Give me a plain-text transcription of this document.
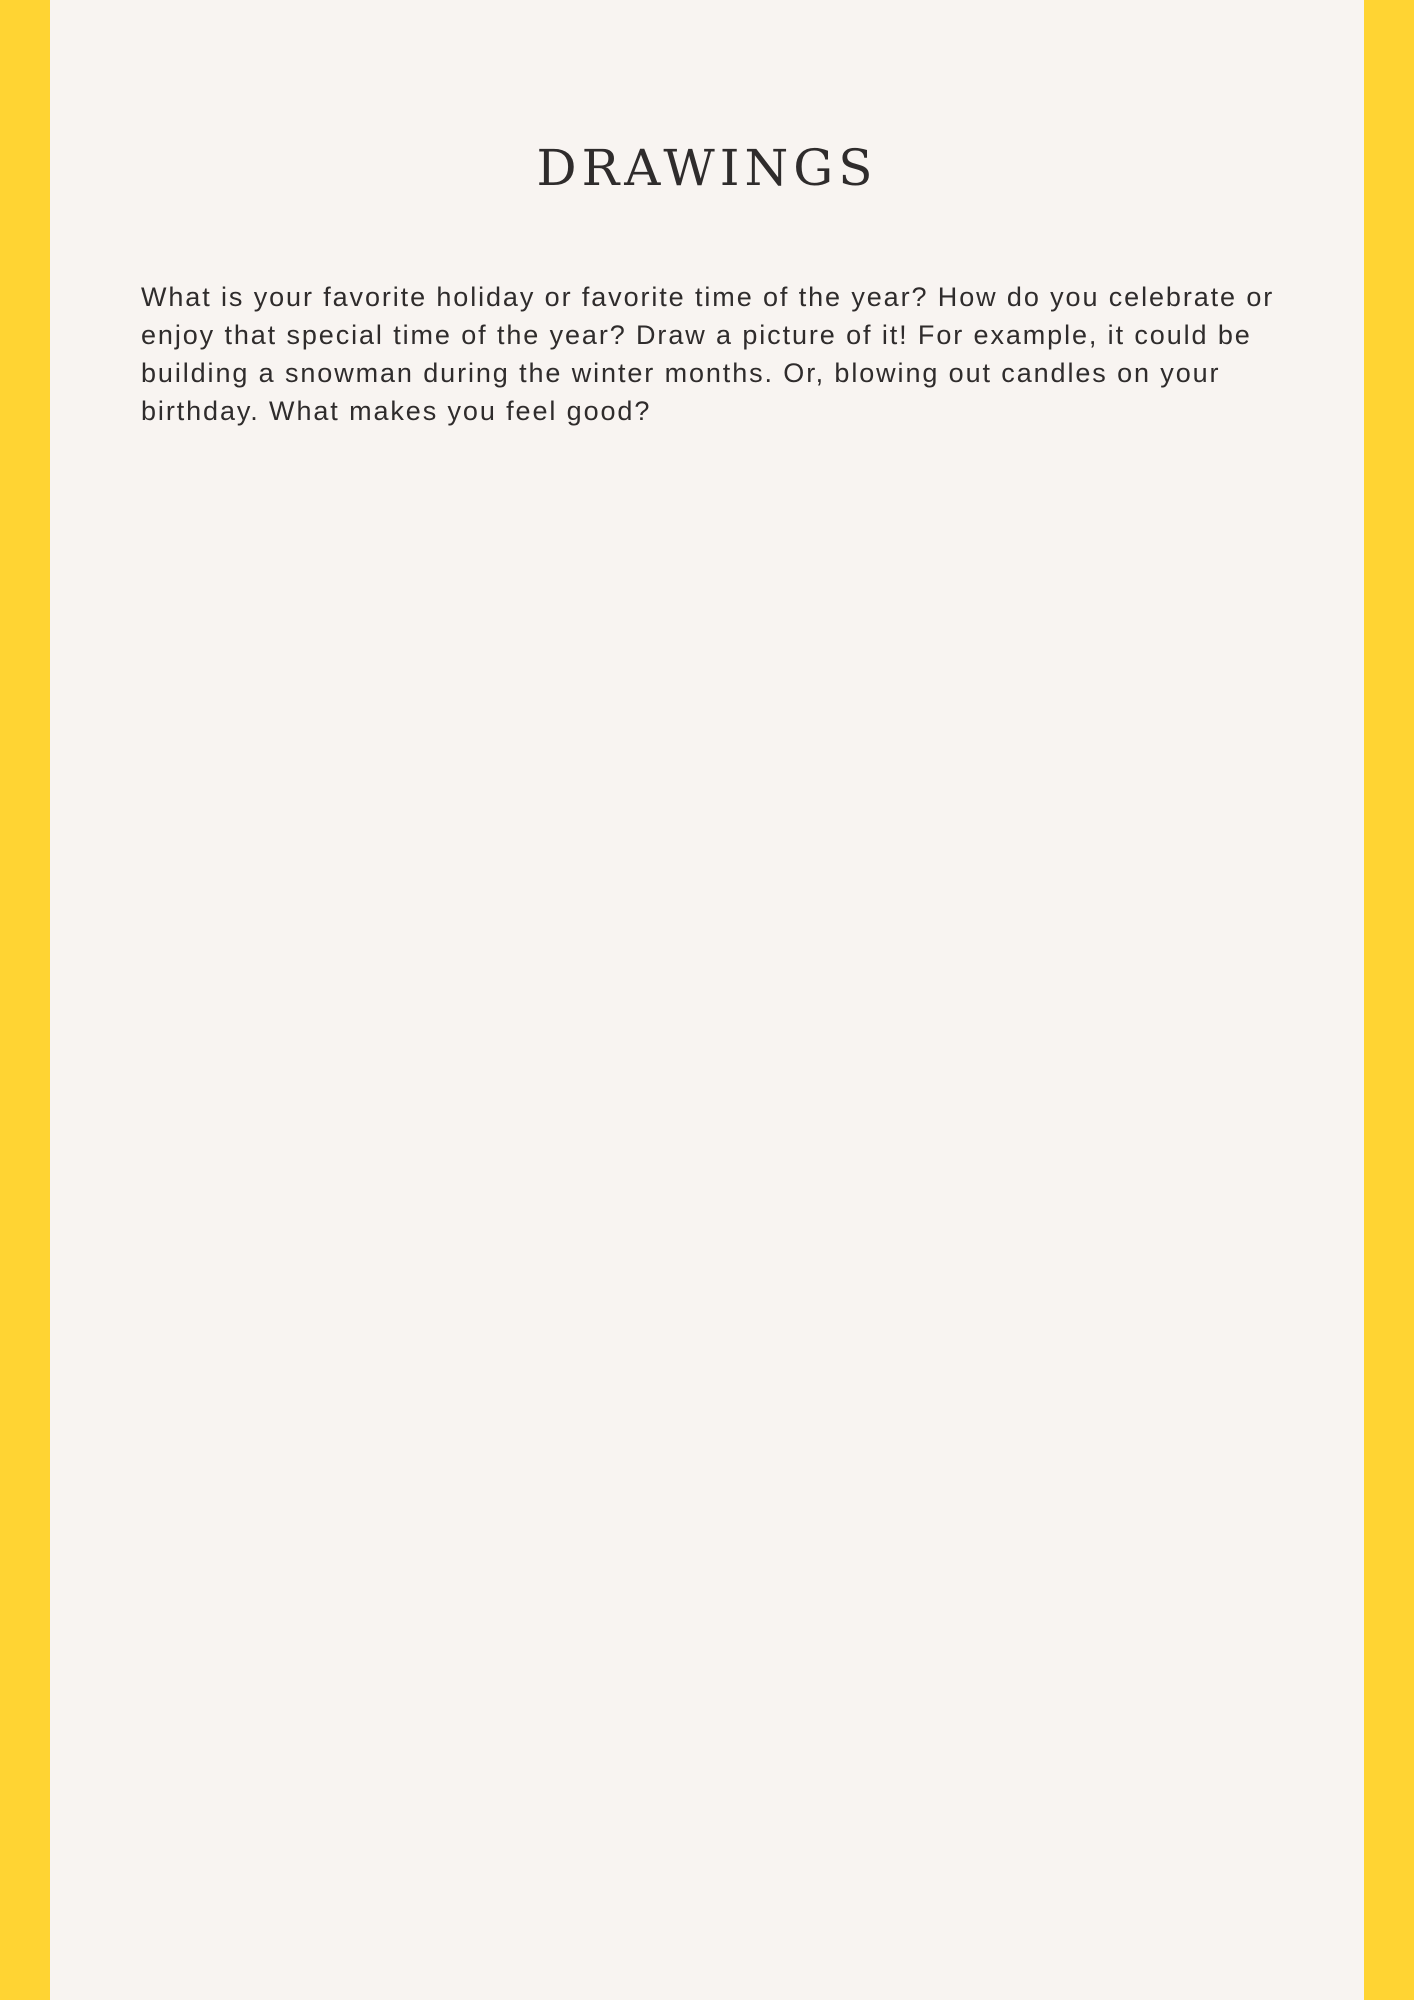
DRAWINGS

What is your favorite holiday or favorite time of the year? How do you celebrate or enjoy that special time of the year? Draw a picture of it! For example, it could be building a snowman during the winter months. Or, blowing out candles on your birthday. What makes you feel good?
